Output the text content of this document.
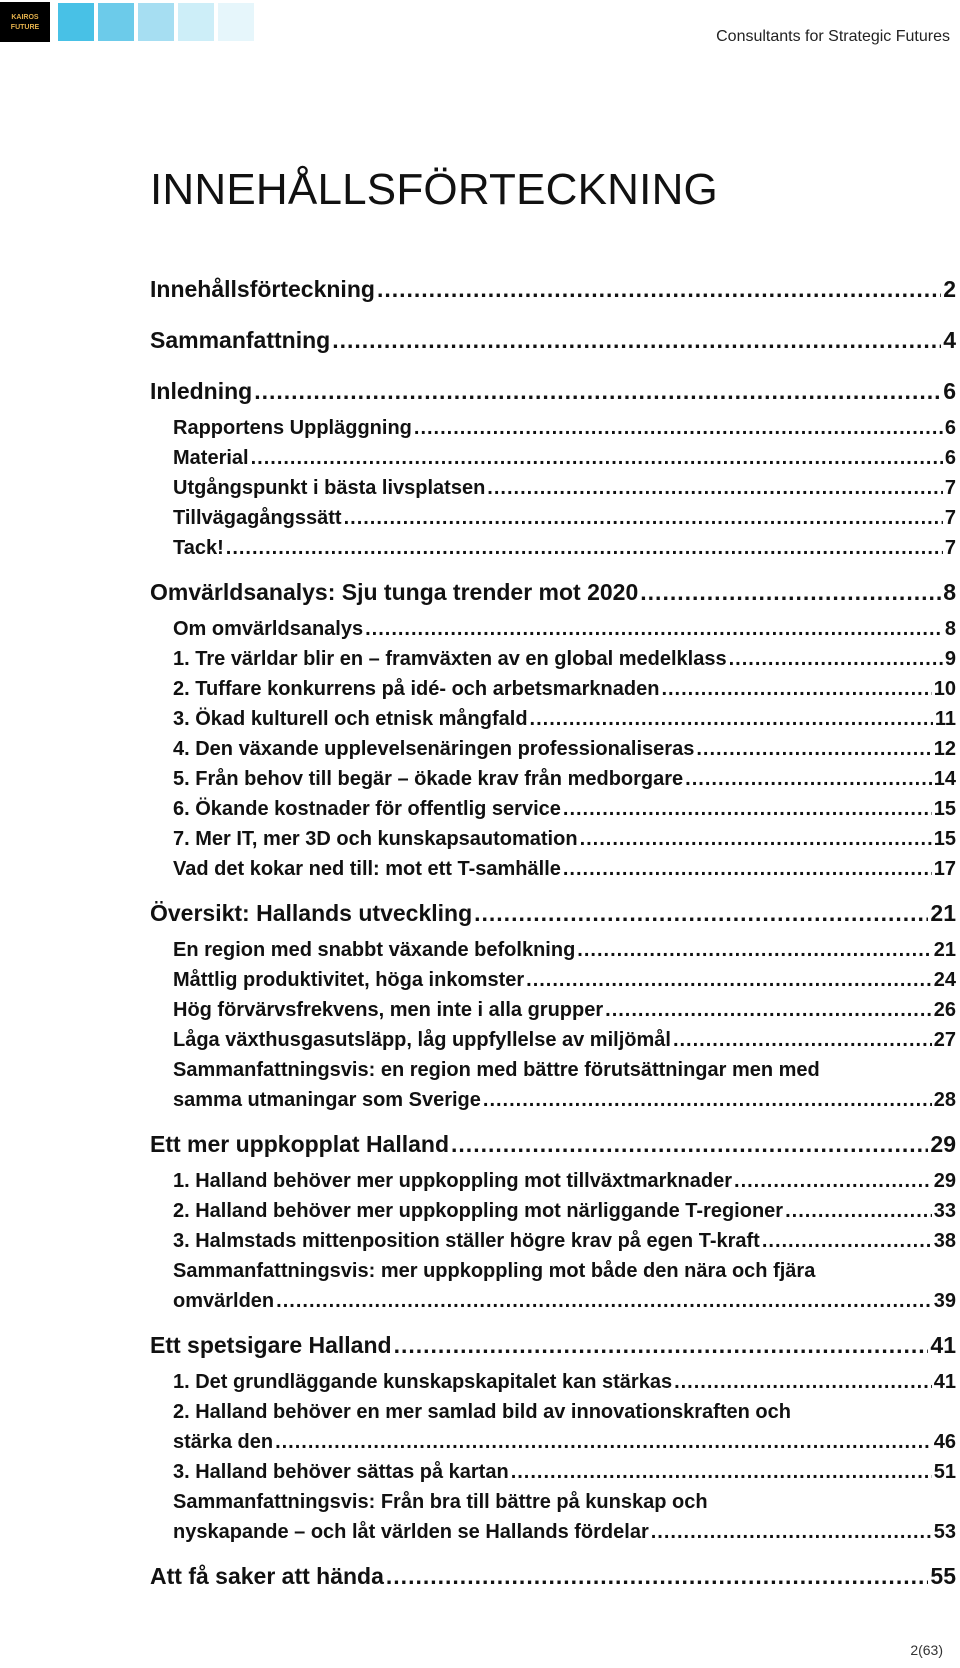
KAIROS
FUTURE
Consultants for Strategic Futures
INNEHÅLLSFÖRTECKNING
Innehållsförteckning .....	2
Sammanfattning .....	4
Inledning .....	6
Rapportens Uppläggning .....	6
Material .....	6
Utgångspunkt i bästa livsplatsen .....	7
Tillvägagångssätt .....	7
Tack! .....	7
Omvärldsanalys: Sju tunga trender mot 2020 .....	8
Om omvärldsanalys .....	8
1. Tre världar blir en – framväxten av en global medelklass .....	9
2. Tuffare konkurrens på idé- och arbetsmarknaden .....	10
3. Ökad kulturell och etnisk mångfald .....	11
4. Den växande upplevelsenäringen professionaliseras .....	12
5. Från behov till begär – ökade krav från medborgare .....	14
6. Ökande kostnader för offentlig service .....	15
7. Mer IT, mer 3D och kunskapsautomation .....	15
Vad det kokar ned till: mot ett T-samhälle .....	17
Översikt: Hallands utveckling .....	21
En region med snabbt växande befolkning .....	21
Måttlig produktivitet, höga inkomster .....	24
Hög förvärvsfrekvens, men inte i alla grupper .....	26
Låga växthusgasutsläpp, låg uppfyllelse av miljömål .....	27
Sammanfattningsvis: en region med bättre förutsättningar men med
samma utmaningar som Sverige .....	28
Ett mer uppkopplat Halland .....	29
1. Halland behöver mer uppkoppling mot tillväxtmarknader .....	29
2. Halland behöver mer uppkoppling mot närliggande T-regioner .....	33
3. Halmstads mittenposition ställer högre krav på egen T-kraft .....	38
Sammanfattningsvis: mer uppkoppling mot både den nära och fjära
omvärlden .....	39
Ett spetsigare Halland .....	41
1. Det grundläggande kunskapskapitalet kan stärkas .....	41
2. Halland behöver en mer samlad bild av innovationskraften och
stärka den .....	46
3. Halland behöver sättas på kartan .....	51
Sammanfattningsvis: Från bra till bättre på kunskap och
nyskapande – och låt världen se Hallands fördelar .....	53
Att få saker att hända .....	55
2(63)
